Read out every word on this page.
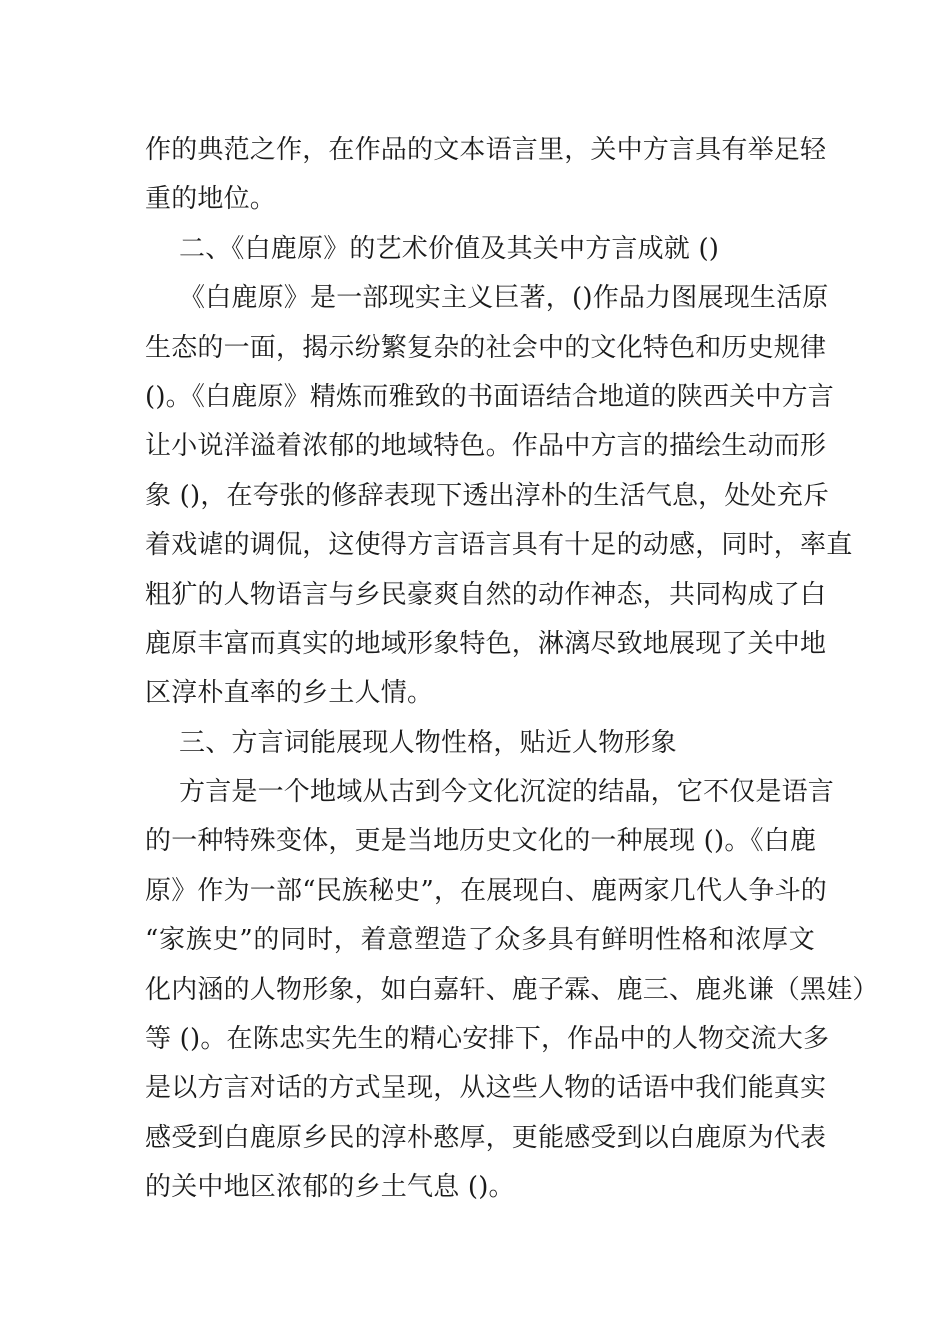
作的典范之作，在作品的文本语言里，关中方言具有举足轻
重的地位。
二、《白鹿原》的艺术价值及其关中方言成就 ()
《白鹿原》是一部现实主义巨著，()作品力图展现生活原
生态的一面，揭示纷繁复杂的社会中的文化特色和历史规律
()。《白鹿原》精炼而雅致的书面语结合地道的陕西关中方言
让小说洋溢着浓郁的地域特色。作品中方言的描绘生动而形
象 ()，在夸张的修辞表现下透出淳朴的生活气息，处处充斥
着戏谑的调侃，这使得方言语言具有十足的动感，同时，率直
粗犷的人物语言与乡民豪爽自然的动作神态，共同构成了白
鹿原丰富而真实的地域形象特色，淋漓尽致地展现了关中地
区淳朴直率的乡土人情。
三、方言词能展现人物性格，贴近人物形象
方言是一个地域从古到今文化沉淀的结晶，它不仅是语言
的一种特殊变体，更是当地历史文化的一种展现 ()。《白鹿
原》作为一部“民族秘史”，在展现白、鹿两家几代人争斗的
“家族史”的同时，着意塑造了众多具有鲜明性格和浓厚文
化内涵的人物形象，如白嘉轩、鹿子霖、鹿三、鹿兆谦（黑娃）
等 ()。在陈忠实先生的精心安排下，作品中的人物交流大多
是以方言对话的方式呈现，从这些人物的话语中我们能真实
感受到白鹿原乡民的淳朴憨厚，更能感受到以白鹿原为代表
的关中地区浓郁的乡土气息 ()。
